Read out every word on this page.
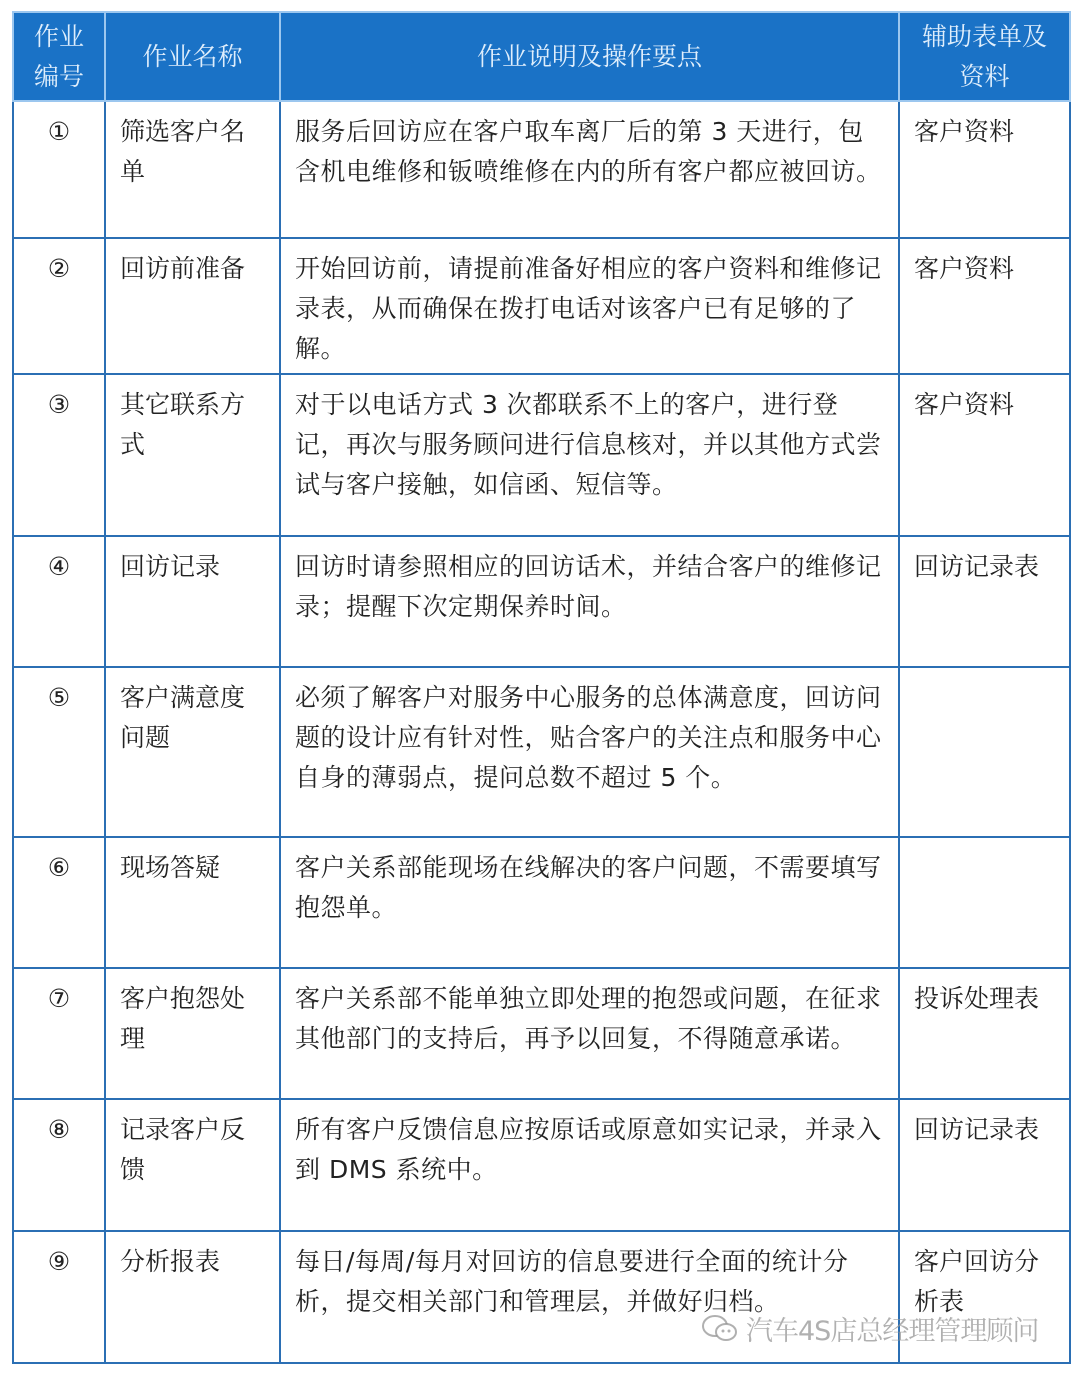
作业编号	作业名称	作业说明及操作要点	辅助表单及资料
①	筛选客户名单	服务后回访应在客户取车离厂后的第 3 天进行，包含机电维修和钣喷维修在内的所有客户都应被回访。	客户资料
②	回访前准备	开始回访前，请提前准备好相应的客户资料和维修记录表，从而确保在拨打电话对该客户已有足够的了解。	客户资料
③	其它联系方式	对于以电话方式 3 次都联系不上的客户，进行登记，再次与服务顾问进行信息核对，并以其他方式尝试与客户接触，如信函、短信等。	客户资料
④	回访记录	回访时请参照相应的回访话术，并结合客户的维修记录；提醒下次定期保养时间。	回访记录表
⑤	客户满意度问题	必须了解客户对服务中心服务的总体满意度，回访问题的设计应有针对性，贴合客户的关注点和服务中心自身的薄弱点，提问总数不超过 5 个。	
⑥	现场答疑	客户关系部能现场在线解决的客户问题，不需要填写抱怨单。	
⑦	客户抱怨处理	客户关系部不能单独立即处理的抱怨或问题，在征求其他部门的支持后，再予以回复，不得随意承诺。	投诉处理表
⑧	记录客户反馈	所有客户反馈信息应按原话或原意如实记录，并录入到 DMS 系统中。	回访记录表
⑨	分析报表	每日/每周/每月对回访的信息要进行全面的统计分析，提交相关部门和管理层，并做好归档。	客户回访分析表
汽车4S店总经理管理顾问
